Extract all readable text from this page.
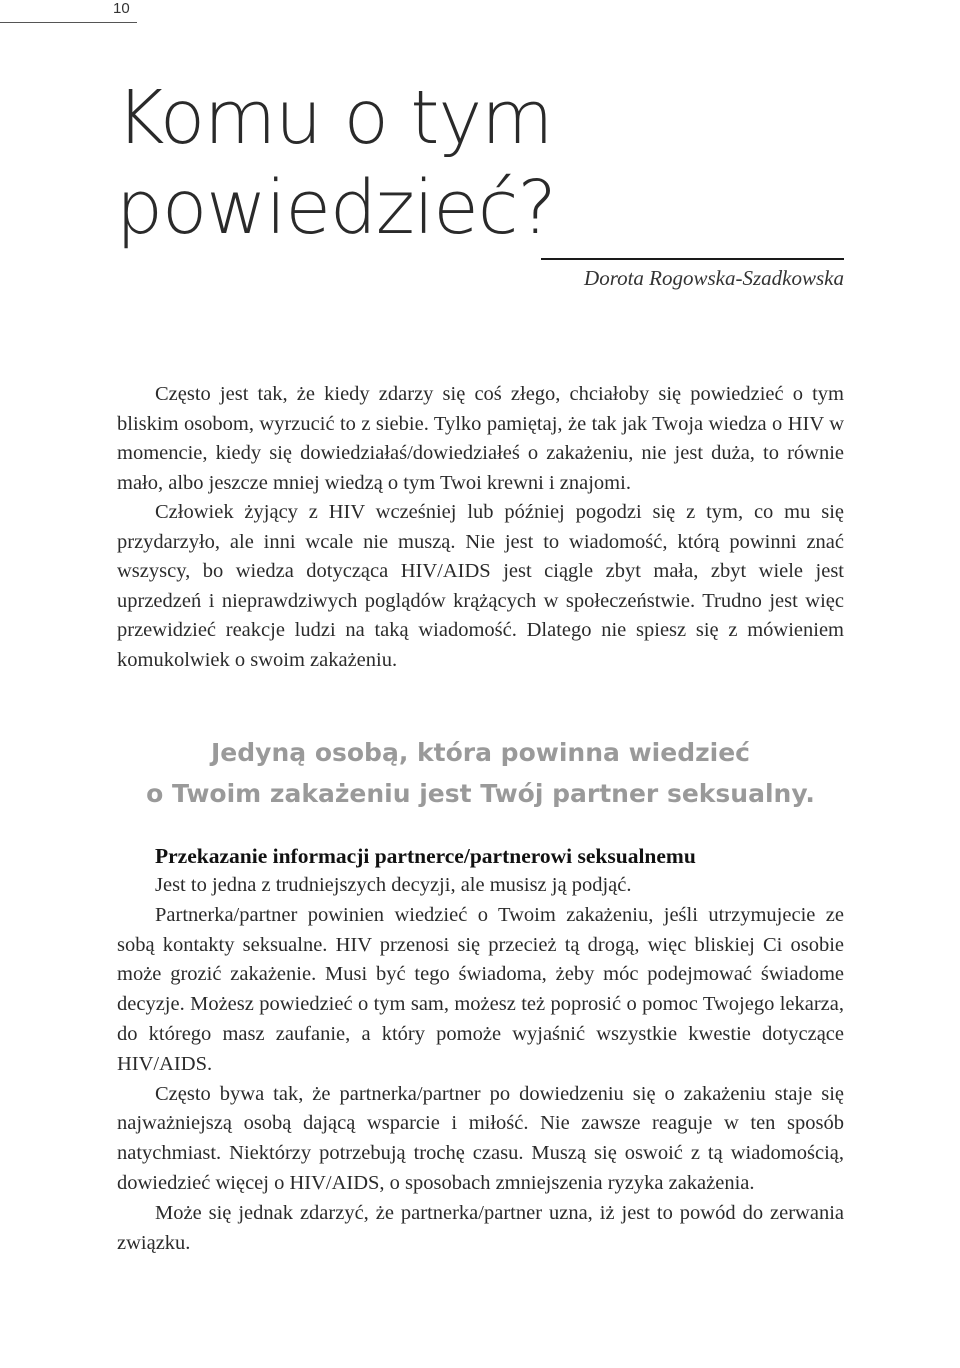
10
Komu o tym
powiedzieć?
Dorota Rogowska-Szadkowska

Często jest tak, że kiedy zdarzy się coś złego, chciałoby się powiedzieć o tym bliskim osobom, wyrzucić to z siebie. Tylko pamiętaj, że tak jak Twoja wiedza o HIV w momencie, kiedy się dowiedziałaś/dowiedziałeś o zakażeniu, nie jest duża, to równie mało, albo jeszcze mniej wiedzą o tym Twoi krewni i znajomi.

Człowiek żyjący z HIV wcześniej lub później pogodzi się z tym, co mu się przydarzyło, ale inni wcale nie muszą. Nie jest to wiadomość, którą powinni znać wszyscy, bo wiedza dotycząca HIV/AIDS jest ciągle zbyt mała, zbyt wiele jest uprzedzeń i nieprawdziwych poglądów krążących w społeczeństwie. Trudno jest więc przewidzieć reakcje ludzi na taką wiadomość. Dlatego nie spiesz się z mówieniem komukolwiek o swoim zakażeniu.

Jedyną osobą, która powinna wiedzieć
o Twoim zakażeniu jest Twój partner seksualny.
Przekazanie informacji partnerce/partnerowi seksualnemu

Jest to jedna z trudniejszych decyzji, ale musisz ją podjąć.

Partnerka/partner powinien wiedzieć o Twoim zakażeniu, jeśli utrzymujecie ze sobą kontakty seksualne. HIV przenosi się przecież tą drogą, więc bliskiej Ci osobie może grozić zakażenie. Musi być tego świadoma, żeby móc podejmować świadome decyzje. Możesz powiedzieć o tym sam, możesz też poprosić o pomoc Twojego lekarza, do którego masz zaufanie, a który pomoże wyjaśnić wszystkie kwestie dotyczące HIV/AIDS.

Często bywa tak, że partnerka/partner po dowiedzeniu się o zakażeniu staje się najważniejszą osobą dającą wsparcie i miłość. Nie zawsze reaguje w ten sposób natychmiast. Niektórzy potrzebują trochę czasu. Muszą się oswoić z tą wiadomością, dowiedzieć więcej o HIV/AIDS, o sposobach zmniejszenia ryzyka zakażenia.

Może się jednak zdarzyć, że partnerka/partner uzna, iż jest to powód do zerwania związku.
